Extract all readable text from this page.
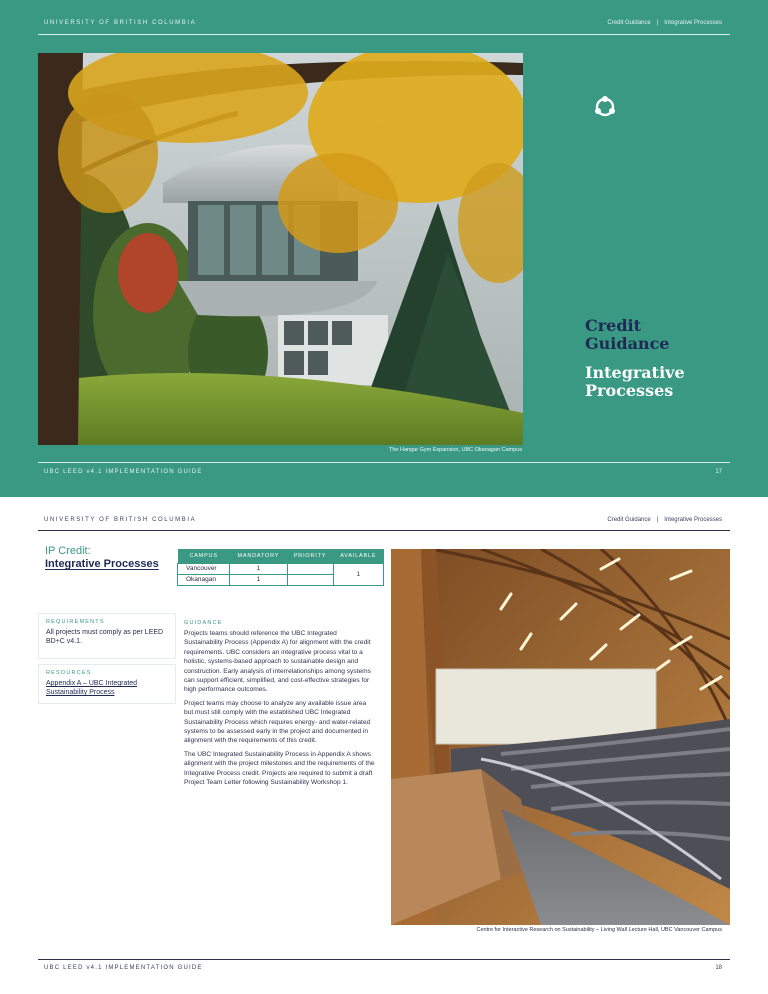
UNIVERSITY OF BRITISH COLUMBIA	Credit Guidance | Integrative Processes
The Hangar Gym Expansion, UBC Okanagan Campus
Credit
Guidance
Integrative
Processes
UBC LEED v4.1 IMPLEMENTATION GUIDE	17
UNIVERSITY OF BRITISH COLUMBIA	Credit Guidance | Integrative Processes
IP Credit:
Integrative Processes
CAMPUS	MANDATORY	PRIORITY	AVAILABLE
Vancouver	1		1
Okanagan	1		
REQUIREMENTS
All projects must comply as per LEED BD+C v4.1.
RESOURCES
Appendix A – UBC Integrated Sustainability Process
GUIDANCE

Projects teams should reference the UBC Integrated Sustainability Process (Appendix A) for alignment with the credit requirements. UBC considers an integrative process vital to a holistic, systems-based approach to sustainable design and construction. Early analysis of interrelationships among systems can support efficient, simplified, and cost-effective strategies for high performance outcomes.

Project teams may choose to analyze any available issue area but must still comply with the established UBC Integrated Sustainability Process which requires energy- and water-related systems to be assessed early in the project and documented in alignment with the requirements of this credit.

The UBC Integrated Sustainability Process in Appendix A shows alignment with the project milestones and the requirements of the Integrative Process credit. Projects are required to submit a draft Project Team Letter following Sustainability Workshop 1.

Centre for Interactive Research on Sustainability – Living Wall Lecture Hall, UBC Vancouver Campus
UBC LEED v4.1 IMPLEMENTATION GUIDE	18
